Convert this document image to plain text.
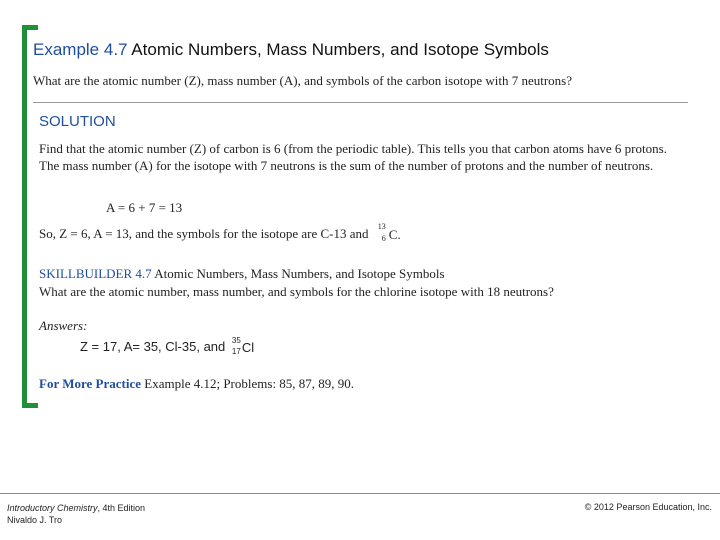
Example 4.7 Atomic Numbers, Mass Numbers, and Isotope Symbols
What are the atomic number (Z), mass number (A), and symbols of the carbon isotope with 7 neutrons?
SOLUTION
Find that the atomic number (Z) of carbon is 6 (from the periodic table). This tells you that carbon atoms have 6 protons. The mass number (A) for the isotope with 7 neutrons is the sum of the number of protons and the number of neutrons.
A = 6 + 7 = 13
So, Z = 6, A = 13, and the symbols for the isotope are C-13 and 13
6 C.
SKILLBUILDER 4.7 Atomic Numbers, Mass Numbers, and Isotope Symbols
What are the atomic number, mass number, and symbols for the chlorine isotope with 18 neutrons?
Answers:
Z = 17, A= 35, Cl-35, and 35
17 Cl
For More Practice Example 4.12; Problems: 85, 87, 89, 90.
Introductory Chemistry, 4th Edition
Nivaldo J. Tro
© 2012 Pearson Education, Inc.
